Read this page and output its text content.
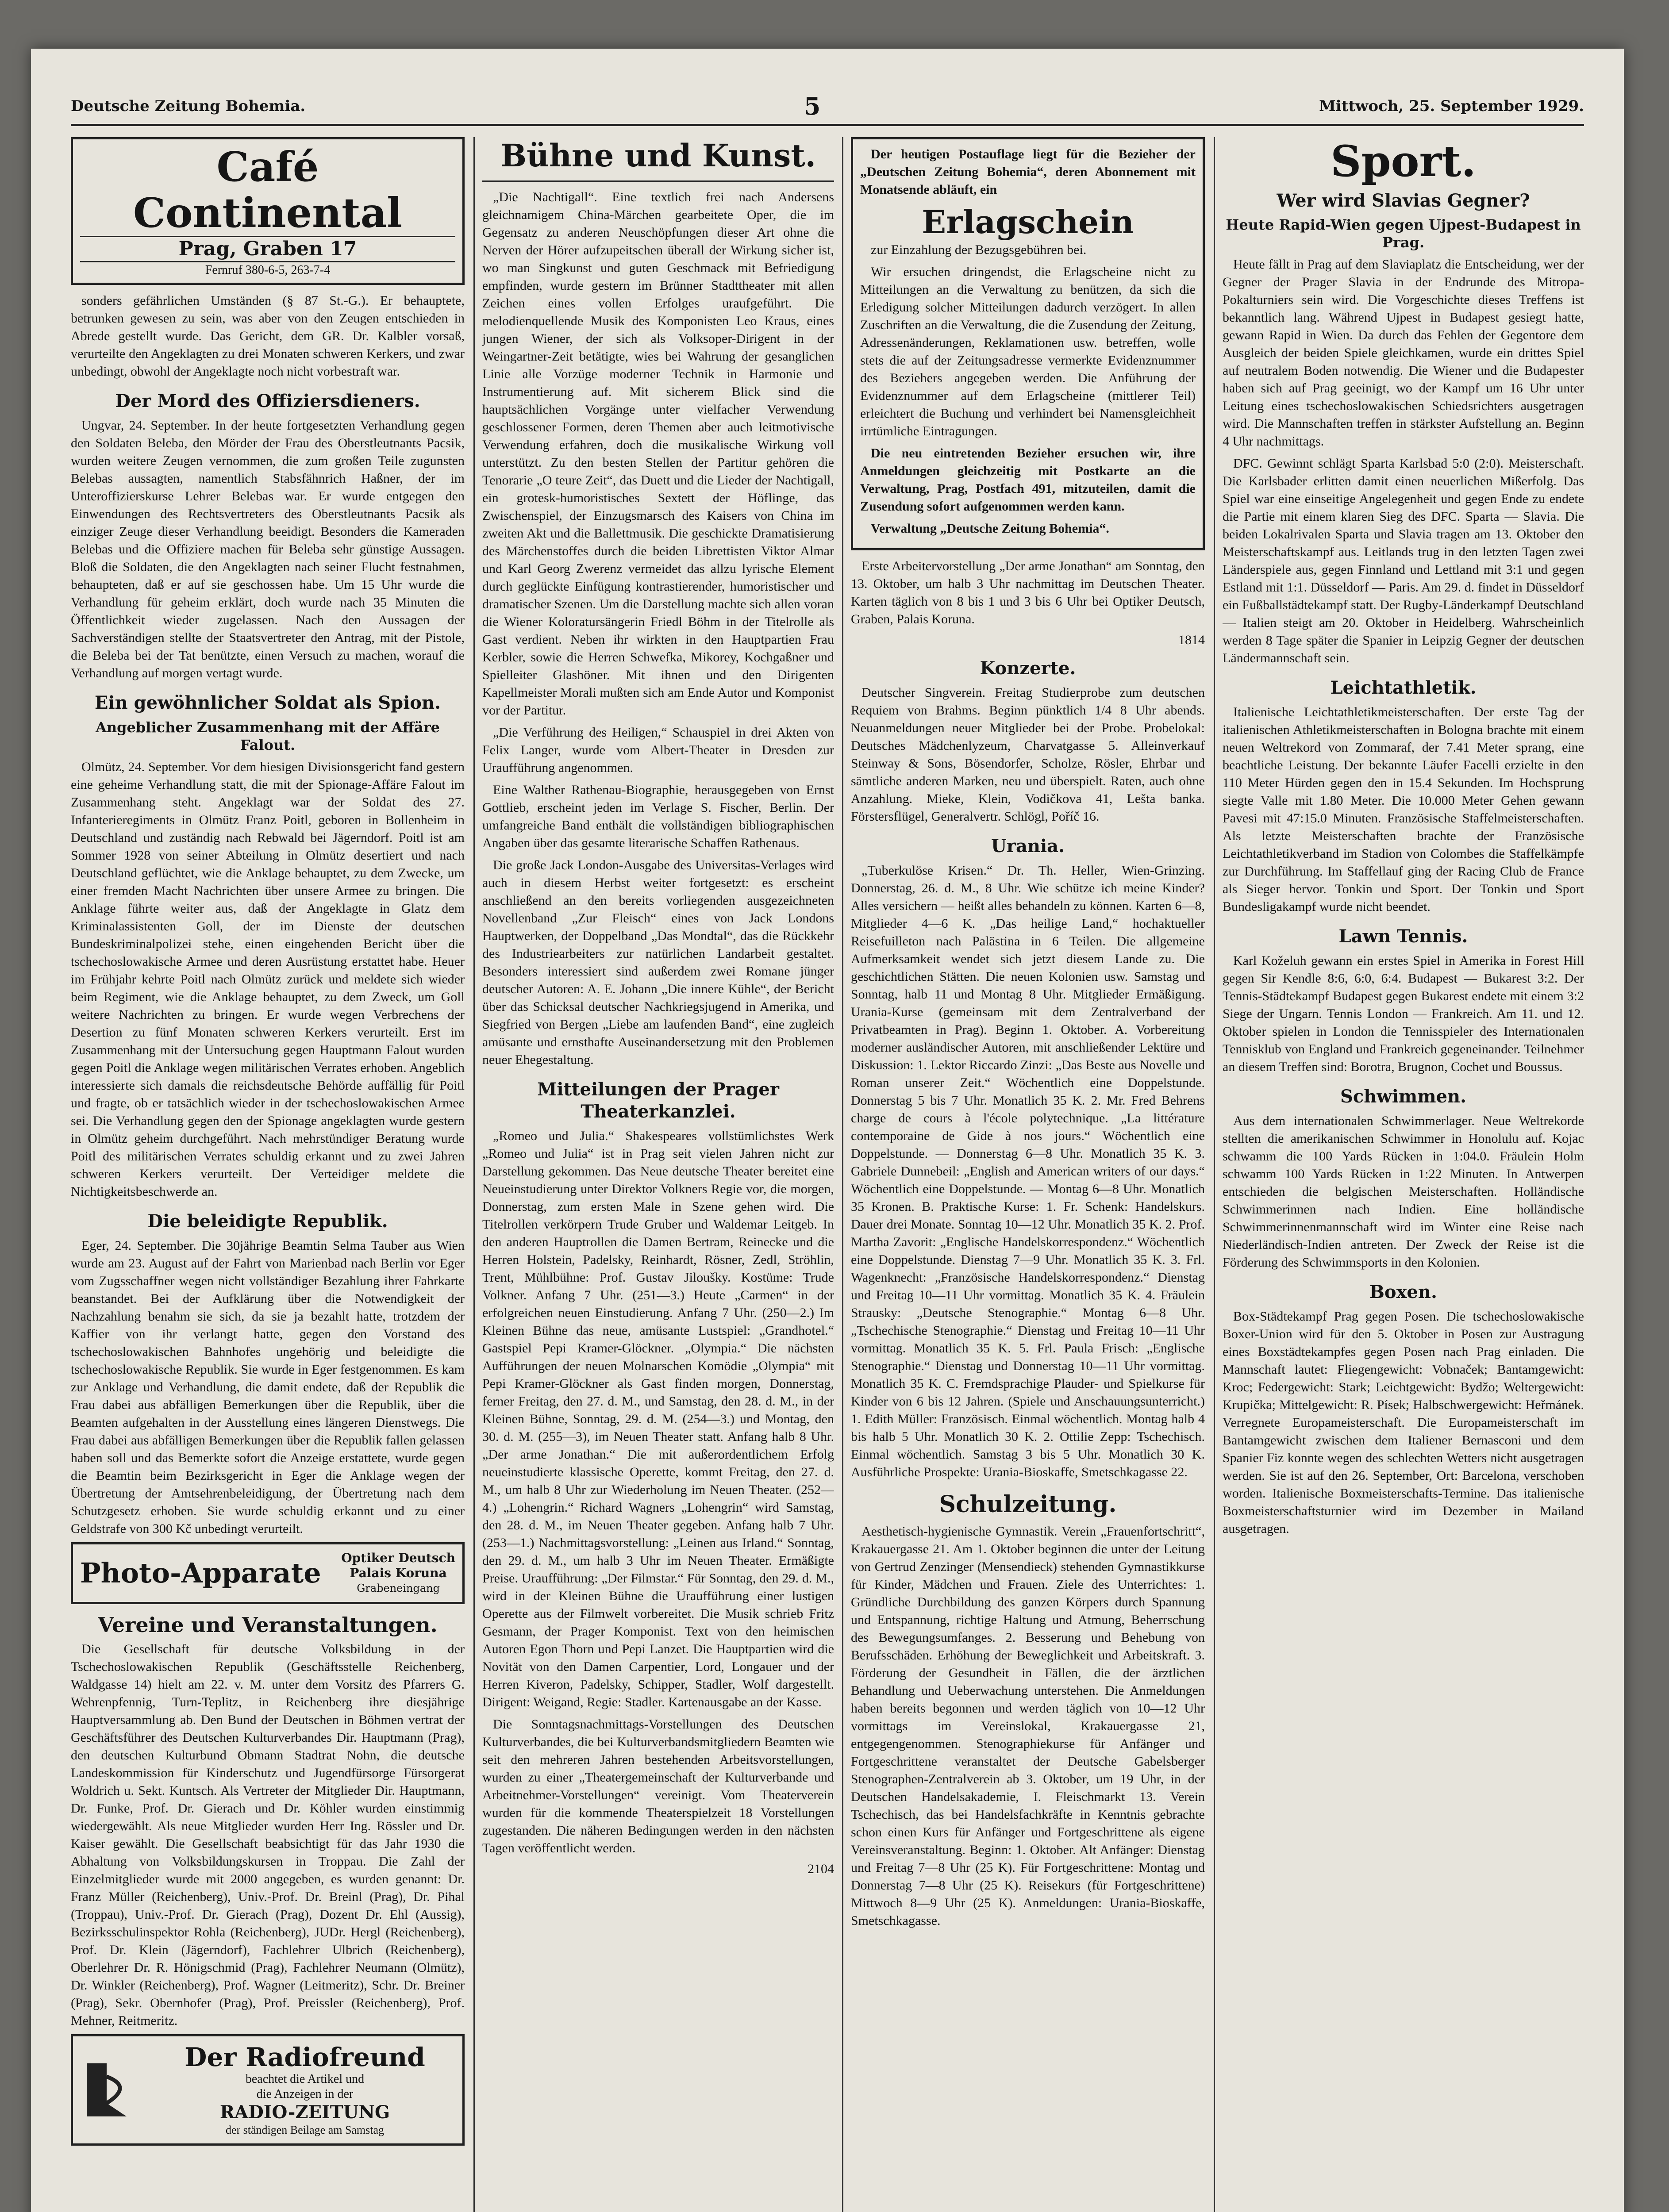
Deutsche Zeitung Bohemia.	5	Mittwoch, 25. September 1929.
Café Continental
Prag, Graben 17
Fernruf 380-6-5, 263-7-4

sonders gefährlichen Umständen (§ 87 St.-G.). Er behauptete, betrunken gewesen zu sein, was aber von den Zeugen entschieden in Abrede gestellt wurde. Das Gericht, dem GR. Dr. Kalbler vorsaß, verurteilte den Angeklagten zu drei Monaten schweren Kerkers, und zwar unbedingt, obwohl der Angeklagte noch nicht vorbestraft war.

Der Mord des Offiziersdieners.

Ungvar, 24. September. In der heute fortgesetzten Verhandlung gegen den Soldaten Beleba, den Mörder der Frau des Oberstleutnants Pacsik, wurden weitere Zeugen vernommen, die zum großen Teile zugunsten Belebas aussagten, namentlich Stabsfähnrich Haßner, der im Unteroffizierskurse Lehrer Belebas war. Er wurde entgegen den Einwendungen des Rechtsvertreters des Oberstleutnants Pacsik als einziger Zeuge dieser Verhandlung beeidigt. Besonders die Kameraden Belebas und die Offiziere machen für Beleba sehr günstige Aussagen. Bloß die Soldaten, die den Angeklagten nach seiner Flucht festnahmen, behaupteten, daß er auf sie geschossen habe. Um 15 Uhr wurde die Verhandlung für geheim erklärt, doch wurde nach 35 Minuten die Öffentlichkeit wieder zugelassen. Nach den Aussagen der Sachverständigen stellte der Staatsvertreter den Antrag, mit der Pistole, die Beleba bei der Tat benützte, einen Versuch zu machen, worauf die Verhandlung auf morgen vertagt wurde.

Ein gewöhnlicher Soldat als Spion.
Angeblicher Zusammenhang mit der Affäre Falout.

Olmütz, 24. September. Vor dem hiesigen Divisionsgericht fand gestern eine geheime Verhandlung statt, die mit der Spionage-Affäre Falout im Zusammenhang steht. Angeklagt war der Soldat des 27. Infanterieregiments in Olmütz Franz Poitl, geboren in Bollenheim in Deutschland und zuständig nach Rebwald bei Jägerndorf. Poitl ist am Sommer 1928 von seiner Abteilung in Olmütz desertiert und nach Deutschland geflüchtet, wie die Anklage behauptet, zu dem Zwecke, um einer fremden Macht Nachrichten über unsere Armee zu bringen. Die Anklage führte weiter aus, daß der Angeklagte in Glatz dem Kriminalassistenten Goll, der im Dienste der deutschen Bundeskriminalpolizei stehe, einen eingehenden Bericht über die tschechoslowakische Armee und deren Ausrüstung erstattet habe. Heuer im Frühjahr kehrte Poitl nach Olmütz zurück und meldete sich wieder beim Regiment, wie die Anklage behauptet, zu dem Zweck, um Goll weitere Nachrichten zu bringen. Er wurde wegen Verbrechens der Desertion zu fünf Monaten schweren Kerkers verurteilt. Erst im Zusammenhang mit der Untersuchung gegen Hauptmann Falout wurden gegen Poitl die Anklage wegen militärischen Verrates erhoben. Angeblich interessierte sich damals die reichsdeutsche Behörde auffällig für Poitl und fragte, ob er tatsächlich wieder in der tschechoslowakischen Armee sei. Die Verhandlung gegen den der Spionage angeklagten wurde gestern in Olmütz geheim durchgeführt. Nach mehrstündiger Beratung wurde Poitl des militärischen Verrates schuldig erkannt und zu zwei Jahren schweren Kerkers verurteilt. Der Verteidiger meldete die Nichtigkeitsbeschwerde an.

Die beleidigte Republik.

Eger, 24. September. Die 30jährige Beamtin Selma Tauber aus Wien wurde am 23. August auf der Fahrt von Marienbad nach Berlin vor Eger vom Zugsschaffner wegen nicht vollständiger Bezahlung ihrer Fahrkarte beanstandet. Bei der Aufklärung über die Notwendigkeit der Nachzahlung benahm sie sich, da sie ja bezahlt hatte, trotzdem der Kaffier von ihr verlangt hatte, gegen den Vorstand des tschechoslowakischen Bahnhofes ungehörig und beleidigte die tschechoslowakische Republik. Sie wurde in Eger festgenommen. Es kam zur Anklage und Verhandlung, die damit endete, daß der Republik die Frau dabei aus abfälligen Bemerkungen über die Republik, über die Beamten aufgehalten in der Ausstellung eines längeren Dienstwegs. Die Frau dabei aus abfälligen Bemerkungen über die Republik fallen gelassen haben soll und das Bemerkte sofort die Anzeige erstattete, wurde gegen die Beamtin beim Bezirksgericht in Eger die Anklage wegen der Übertretung der Amtsehrenbeleidigung, der Übertretung nach dem Schutzgesetz erhoben. Sie wurde schuldig erkannt und zu einer Geldstrafe von 300 Kč unbedingt verurteilt.

Photo-Apparate Optiker Deutsch
Palais Koruna
Grabeneingang
Vereine und Veranstaltungen.

Die Gesellschaft für deutsche Volksbildung in der Tschechoslowakischen Republik (Geschäftsstelle Reichenberg, Waldgasse 14) hielt am 22. v. M. unter dem Vorsitz des Pfarrers G. Wehrenpfennig, Turn-Teplitz, in Reichenberg ihre diesjährige Hauptversammlung ab. Den Bund der Deutschen in Böhmen vertrat der Geschäftsführer des Deutschen Kulturverbandes Dir. Hauptmann (Prag), den deutschen Kulturbund Obmann Stadtrat Nohn, die deutsche Landeskommission für Kinderschutz und Jugendfürsorge Fürsorgerat Woldrich u. Sekt. Kuntsch. Als Vertreter der Mitglieder Dir. Hauptmann, Dr. Funke, Prof. Dr. Gierach und Dr. Köhler wurden einstimmig wiedergewählt. Als neue Mitglieder wurden Herr Ing. Rössler und Dr. Kaiser gewählt. Die Gesellschaft beabsichtigt für das Jahr 1930 die Abhaltung von Volksbildungskursen in Troppau. Die Zahl der Einzelmitglieder wurde mit 2000 angegeben, es wurden genannt: Dr. Franz Müller (Reichenberg), Univ.-Prof. Dr. Breinl (Prag), Dr. Pihal (Troppau), Univ.-Prof. Dr. Gierach (Prag), Dozent Dr. Ehl (Aussig), Bezirksschulinspektor Rohla (Reichenberg), JUDr. Hergl (Reichenberg), Prof. Dr. Klein (Jägerndorf), Fachlehrer Ulbrich (Reichenberg), Oberlehrer Dr. R. Hönigschmid (Prag), Fachlehrer Neumann (Olmütz), Dr. Winkler (Reichenberg), Prof. Wagner (Leitmeritz), Schr. Dr. Breiner (Prag), Sekr. Obernhofer (Prag), Prof. Preissler (Reichenberg), Prof. Mehner, Reitmeritz.

Der Radiofreund
beachtet die Artikel und
die Anzeigen in der
RADIO-ZEITUNG
der ständigen Beilage am Samstag
Bühne und Kunst.

„Die Nachtigall“. Eine textlich frei nach Andersens gleichnamigem China-Märchen gearbeitete Oper, die im Gegensatz zu anderen Neuschöpfungen dieser Art ohne die Nerven der Hörer aufzupeitschen überall der Wirkung sicher ist, wo man Singkunst und guten Geschmack mit Befriedigung empfinden, wurde gestern im Brünner Stadttheater mit allen Zeichen eines vollen Erfolges uraufgeführt. Die melodienquellende Musik des Komponisten Leo Kraus, eines jungen Wiener, der sich als Volksoper-Dirigent in der Weingartner-Zeit betätigte, wies bei Wahrung der gesanglichen Linie alle Vorzüge moderner Technik in Harmonie und Instrumentierung auf. Mit sicherem Blick sind die hauptsächlichen Vorgänge unter vielfacher Verwendung geschlossener Formen, deren Themen aber auch leitmotivische Verwendung erfahren, doch die musikalische Wirkung voll unterstützt. Zu den besten Stellen der Partitur gehören die Tenorarie „O teure Zeit“, das Duett und die Lieder der Nachtigall, ein grotesk-humoristisches Sextett der Höflinge, das Zwischenspiel, der Einzugsmarsch des Kaisers von China im zweiten Akt und die Ballettmusik. Die geschickte Dramatisierung des Märchenstoffes durch die beiden Librettisten Viktor Almar und Karl Georg Zwerenz vermeidet das allzu lyrische Element durch geglückte Einfügung kontrastierender, humoristischer und dramatischer Szenen. Um die Darstellung machte sich allen voran die Wiener Koloratursängerin Friedl Böhm in der Titelrolle als Gast verdient. Neben ihr wirkten in den Hauptpartien Frau Kerbler, sowie die Herren Schwefka, Mikorey, Kochgaßner und Spielleiter Glashöner. Mit ihnen und den Dirigenten Kapellmeister Morali mußten sich am Ende Autor und Komponist vor der Partitur.

„Die Verführung des Heiligen,“ Schauspiel in drei Akten von Felix Langer, wurde vom Albert-Theater in Dresden zur Uraufführung angenommen.

Eine Walther Rathenau-Biographie, herausgegeben von Ernst Gottlieb, erscheint jeden im Verlage S. Fischer, Berlin. Der umfangreiche Band enthält die vollständigen bibliographischen Angaben über das gesamte literarische Schaffen Rathenaus.

Die große Jack London-Ausgabe des Universitas-Verlages wird auch in diesem Herbst weiter fortgesetzt: es erscheint anschließend an den bereits vorliegenden ausgezeichneten Novellenband „Zur Fleisch“ eines von Jack Londons Hauptwerken, der Doppelband „Das Mondtal“, das die Rückkehr des Industriearbeiters zur natürlichen Landarbeit gestaltet. Besonders interessiert sind außerdem zwei Romane jünger deutscher Autoren: A. E. Johann „Die innere Kühle“, der Bericht über das Schicksal deutscher Nachkriegsjugend in Amerika, und Siegfried von Bergen „Liebe am laufenden Band“, eine zugleich amüsante und ernsthafte Auseinandersetzung mit den Problemen neuer Ehegestaltung.

Mitteilungen der Prager Theaterkanzlei.

„Romeo und Julia.“ Shakespeares vollstümlichstes Werk „Romeo und Julia“ ist in Prag seit vielen Jahren nicht zur Darstellung gekommen. Das Neue deutsche Theater bereitet eine Neueinstudierung unter Direktor Volkners Regie vor, die morgen, Donnerstag, zum ersten Male in Szene gehen wird. Die Titelrollen verkörpern Trude Gruber und Waldemar Leitgeb. In den anderen Hauptrollen die Damen Bertram, Reinecke und die Herren Holstein, Padelsky, Reinhardt, Rösner, Zedl, Ströhlin, Trent, Mühlbühne: Prof. Gustav Jiloušky. Kostüme: Trude Volkner. Anfang 7 Uhr. (251—3.) Heute „Carmen“ in der erfolgreichen neuen Einstudierung. Anfang 7 Uhr. (250—2.) Im Kleinen Bühne das neue, amüsante Lustspiel: „Grandhotel.“ Gastspiel Pepi Kramer-Glöckner. „Olympia.“ Die nächsten Aufführungen der neuen Molnarschen Komödie „Olympia“ mit Pepi Kramer-Glöckner als Gast finden morgen, Donnerstag, ferner Freitag, den 27. d. M., und Samstag, den 28. d. M., in der Kleinen Bühne, Sonntag, 29. d. M. (254—3.) und Montag, den 30. d. M. (255—3), im Neuen Theater statt. Anfang halb 8 Uhr. „Der arme Jonathan.“ Die mit außerordentlichem Erfolg neueinstudierte klassische Operette, kommt Freitag, den 27. d. M., um halb 8 Uhr zur Wiederholung im Neuen Theater. (252—4.) „Lohengrin.“ Richard Wagners „Lohengrin“ wird Samstag, den 28. d. M., im Neuen Theater gegeben. Anfang halb 7 Uhr. (253—1.) Nachmittagsvorstellung: „Leinen aus Irland.“ Sonntag, den 29. d. M., um halb 3 Uhr im Neuen Theater. Ermäßigte Preise. Uraufführung: „Der Filmstar.“ Für Sonntag, den 29. d. M., wird in der Kleinen Bühne die Uraufführung einer lustigen Operette aus der Filmwelt vorbereitet. Die Musik schrieb Fritz Gesmann, der Prager Komponist. Text von den heimischen Autoren Egon Thorn und Pepi Lanzet. Die Hauptpartien wird die Novität von den Damen Carpentier, Lord, Longauer und der Herren Kiveron, Padelsky, Schipper, Stadler, Wolf dargestellt. Dirigent: Weigand, Regie: Stadler. Kartenausgabe an der Kasse.

Die Sonntagsnachmittags-Vorstellungen des Deutschen Kulturverbandes, die bei Kulturverbandsmitgliedern Beamten wie seit den mehreren Jahren bestehenden Arbeitsvorstellungen, wurden zu einer „Theatergemeinschaft der Kulturverbande und Arbeitnehmer-Vorstellungen“ vereinigt. Vom Theaterverein wurden für die kommende Theaterspielzeit 18 Vorstellungen zugestanden. Die näheren Bedingungen werden in den nächsten Tagen veröffentlicht werden.

2104

Der heutigen Postauflage liegt für die Bezieher der „Deutschen Zeitung Bohemia“, deren Abonnement mit Monatsende abläuft, ein

Erlagschein

zur Einzahlung der Bezugsgebühren bei.

Wir ersuchen dringendst, die Erlagscheine nicht zu Mitteilungen an die Verwaltung zu benützen, da sich die Erledigung solcher Mitteilungen dadurch verzögert. In allen Zuschriften an die Verwaltung, die die Zusendung der Zeitung, Adressenänderungen, Reklamationen usw. betreffen, wolle stets die auf der Zeitungsadresse vermerkte Evidenznummer des Beziehers angegeben werden. Die Anführung der Evidenznummer auf dem Erlagscheine (mittlerer Teil) erleichtert die Buchung und verhindert bei Namensgleichheit irrtümliche Eintragungen.

Die neu eintretenden Bezieher ersuchen wir, ihre Anmeldungen gleichzeitig mit Postkarte an die Verwaltung, Prag, Postfach 491, mitzuteilen, damit die Zusendung sofort aufgenommen werden kann.

Verwaltung „Deutsche Zeitung Bohemia“.

Erste Arbeitervorstellung „Der arme Jonathan“ am Sonntag, den 13. Oktober, um halb 3 Uhr nachmittag im Deutschen Theater. Karten täglich von 8 bis 1 und 3 bis 6 Uhr bei Optiker Deutsch, Graben, Palais Koruna.

1814
Konzerte.

Deutscher Singverein. Freitag Studierprobe zum deutschen Requiem von Brahms. Beginn pünktlich 1/4 8 Uhr abends. Neuanmeldungen neuer Mitglieder bei der Probe. Probelokal: Deutsches Mädchenlyzeum, Charvatgasse 5. Alleinverkauf Steinway & Sons, Bösendorfer, Scholze, Rösler, Ehrbar und sämtliche anderen Marken, neu und überspielt. Raten, auch ohne Anzahlung. Mieke, Klein, Vodičkova 41, Lešta banka. Förstersflügel, Generalvertr. Schlögl, Poříč 16.

Urania.

„Tuberkulöse Krisen.“ Dr. Th. Heller, Wien-Grinzing. Donnerstag, 26. d. M., 8 Uhr. Wie schütze ich meine Kinder? Alles versichern — heißt alles behandeln zu können. Karten 6—8, Mitglieder 4—6 K. „Das heilige Land,“ hochaktueller Reisefuilleton nach Palästina in 6 Teilen. Die allgemeine Aufmerksamkeit wendet sich jetzt diesem Lande zu. Die geschichtlichen Stätten. Die neuen Kolonien usw. Samstag und Sonntag, halb 11 und Montag 8 Uhr. Mitglieder Ermäßigung. Urania-Kurse (gemeinsam mit dem Zentralverband der Privatbeamten in Prag). Beginn 1. Oktober. A. Vorbereitung moderner ausländischer Autoren, mit anschließender Lektüre und Diskussion: 1. Lektor Riccardo Zinzi: „Das Beste aus Novelle und Roman unserer Zeit.“ Wöchentlich eine Doppelstunde. Donnerstag 5 bis 7 Uhr. Monatlich 35 K. 2. Mr. Fred Behrens charge de cours à l'école polytechnique. „La littérature contemporaine de Gide à nos jours.“ Wöchentlich eine Doppelstunde. — Donnerstag 6—8 Uhr. Monatlich 35 K. 3. Gabriele Dunnebeil: „English and American writers of our days.“ Wöchentlich eine Doppelstunde. — Montag 6—8 Uhr. Monatlich 35 Kronen. B. Praktische Kurse: 1. Fr. Schenk: Handelskurs. Dauer drei Monate. Sonntag 10—12 Uhr. Monatlich 35 K. 2. Prof. Martha Zavorit: „Englische Handelskorrespondenz.“ Wöchentlich eine Doppelstunde. Dienstag 7—9 Uhr. Monatlich 35 K. 3. Frl. Wagenknecht: „Französische Handelskorrespondenz.“ Dienstag und Freitag 10—11 Uhr vormittag. Monatlich 35 K. 4. Fräulein Strausky: „Deutsche Stenographie.“ Montag 6—8 Uhr. „Tschechische Stenographie.“ Dienstag und Freitag 10—11 Uhr vormittag. Monatlich 35 K. 5. Frl. Paula Frisch: „Englische Stenographie.“ Dienstag und Donnerstag 10—11 Uhr vormittag. Monatlich 35 K. C. Fremdsprachige Plauder- und Spielkurse für Kinder von 6 bis 12 Jahren. (Spiele und Anschauungsunterricht.) 1. Edith Müller: Französisch. Einmal wöchentlich. Montag halb 4 bis halb 5 Uhr. Monatlich 30 K. 2. Ottilie Zepp: Tschechisch. Einmal wöchentlich. Samstag 3 bis 5 Uhr. Monatlich 30 K. Ausführliche Prospekte: Urania-Bioskaffe, Smetschkagasse 22.

Schulzeitung.

Aesthetisch-hygienische Gymnastik. Verein „Frauenfortschritt“, Krakauergasse 21. Am 1. Oktober beginnen die unter der Leitung von Gertrud Zenzinger (Mensendieck) stehenden Gymnastikkurse für Kinder, Mädchen und Frauen. Ziele des Unterrichtes: 1. Gründliche Durchbildung des ganzen Körpers durch Spannung und Entspannung, richtige Haltung und Atmung, Beherrschung des Bewegungsumfanges. 2. Besserung und Behebung von Berufsschäden. Erhöhung der Beweglichkeit und Arbeitskraft. 3. Förderung der Gesundheit in Fällen, die der ärztlichen Behandlung und Ueberwachung unterstehen. Die Anmeldungen haben bereits begonnen und werden täglich von 10—12 Uhr vormittags im Vereinslokal, Krakauergasse 21, entgegengenommen. Stenographiekurse für Anfänger und Fortgeschrittene veranstaltet der Deutsche Gabelsberger Stenographen-Zentralverein ab 3. Oktober, um 19 Uhr, in der Deutschen Handelsakademie, I. Fleischmarkt 13. Verein Tschechisch, das bei Handelsfachkräfte in Kenntnis gebrachte schon einen Kurs für Anfänger und Fortgeschrittene als eigene Vereinsveranstaltung. Beginn: 1. Oktober. Alt Anfänger: Dienstag und Freitag 7—8 Uhr (25 K). Für Fortgeschrittene: Montag und Donnerstag 7—8 Uhr (25 K). Reisekurs (für Fortgeschrittene) Mittwoch 8—9 Uhr (25 K). Anmeldungen: Urania-Bioskaffe, Smetschkagasse.

Sport.
Wer wird Slavias Gegner?
Heute Rapid-Wien gegen Ujpest-Budapest in Prag.

Heute fällt in Prag auf dem Slaviaplatz die Entscheidung, wer der Gegner der Prager Slavia in der Endrunde des Mitropa-Pokalturniers sein wird. Die Vorgeschichte dieses Treffens ist bekanntlich lang. Während Ujpest in Budapest gesiegt hatte, gewann Rapid in Wien. Da durch das Fehlen der Gegentore dem Ausgleich der beiden Spiele gleichkamen, wurde ein drittes Spiel auf neutralem Boden notwendig. Die Wiener und die Budapester haben sich auf Prag geeinigt, wo der Kampf um 16 Uhr unter Leitung eines tschechoslowakischen Schiedsrichters ausgetragen wird. Die Mannschaften treffen in stärkster Aufstellung an. Beginn 4 Uhr nachmittags.

DFC. Gewinnt schlägt Sparta Karlsbad 5:0 (2:0). Meisterschaft. Die Karlsbader erlitten damit einen neuerlichen Mißerfolg. Das Spiel war eine einseitige Angelegenheit und gegen Ende zu endete die Partie mit einem klaren Sieg des DFC. Sparta — Slavia. Die beiden Lokalrivalen Sparta und Slavia tragen am 13. Oktober den Meisterschaftskampf aus. Leitlands trug in den letzten Tagen zwei Länderspiele aus, gegen Finnland und Lettland mit 3:1 und gegen Estland mit 1:1. Düsseldorf — Paris. Am 29. d. findet in Düsseldorf ein Fußballstädtekampf statt. Der Rugby-Länderkampf Deutschland — Italien steigt am 20. Oktober in Heidelberg. Wahrscheinlich werden 8 Tage später die Spanier in Leipzig Gegner der deutschen Ländermannschaft sein.

Leichtathletik.

Italienische Leichtathletikmeisterschaften. Der erste Tag der italienischen Athletikmeisterschaften in Bologna brachte mit einem neuen Weltrekord von Zommaraf, der 7.41 Meter sprang, eine beachtliche Leistung. Der bekannte Läufer Facelli erzielte in den 110 Meter Hürden gegen den in 15.4 Sekunden. Im Hochsprung siegte Valle mit 1.80 Meter. Die 10.000 Meter Gehen gewann Pavesi mit 47:15.0 Minuten. Französische Staffelmeisterschaften. Als letzte Meisterschaften brachte der Französische Leichtathletikverband im Stadion von Colombes die Staffelkämpfe zur Durchführung. Im Staffellauf ging der Racing Club de France als Sieger hervor. Tonkin und Sport. Der Tonkin und Sport Bundesligakampf wurde nicht beendet.

Lawn Tennis.

Karl Koželuh gewann ein erstes Spiel in Amerika in Forest Hill gegen Sir Kendle 8:6, 6:0, 6:4. Budapest — Bukarest 3:2. Der Tennis-Städtekampf Budapest gegen Bukarest endete mit einem 3:2 Siege der Ungarn. Tennis London — Frankreich. Am 11. und 12. Oktober spielen in London die Tennisspieler des Internationalen Tennisklub von England und Frankreich gegeneinander. Teilnehmer an diesem Treffen sind: Borotra, Brugnon, Cochet und Boussus.

Schwimmen.

Aus dem internationalen Schwimmerlager. Neue Weltrekorde stellten die amerikanischen Schwimmer in Honolulu auf. Kojac schwamm die 100 Yards Rücken in 1:04.0. Fräulein Holm schwamm 100 Yards Rücken in 1:22 Minuten. In Antwerpen entschieden die belgischen Meisterschaften. Holländische Schwimmerinnen nach Indien. Eine holländische Schwimmerinnenmannschaft wird im Winter eine Reise nach Niederländisch-Indien antreten. Der Zweck der Reise ist die Förderung des Schwimmsports in den Kolonien.

Boxen.

Box-Städtekampf Prag gegen Posen. Die tschechoslowakische Boxer-Union wird für den 5. Oktober in Posen zur Austragung eines Boxstädtekampfes gegen Posen nach Prag einladen. Die Mannschaft lautet: Fliegengewicht: Vobnaček; Bantamgewicht: Kroc; Federgewicht: Stark; Leichtgewicht: Bydžo; Weltergewicht: Krupička; Mittelgewicht: R. Písek; Halbschwergewicht: Heřmánek. Verregnete Europameisterschaft. Die Europameisterschaft im Bantamgewicht zwischen dem Italiener Bernasconi und dem Spanier Fiz konnte wegen des schlechten Wetters nicht ausgetragen werden. Sie ist auf den 26. September, Ort: Barcelona, verschoben worden. Italienische Boxmeisterschafts-Termine. Das italienische Boxmeisterschaftsturnier wird im Dezember in Mailand ausgetragen.
